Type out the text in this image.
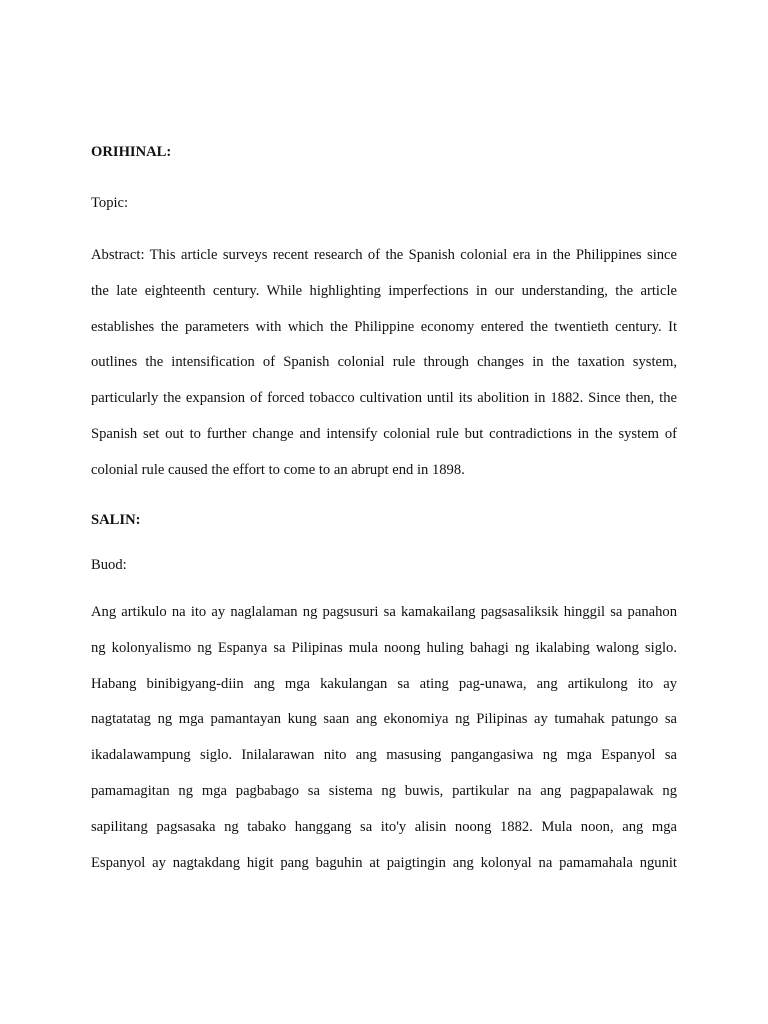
ORIHINAL:

Topic:

Abstract: This article surveys recent research of the Spanish colonial era in the Philippines since
the late eighteenth century. While highlighting imperfections in our understanding, the article
establishes the parameters with which the Philippine economy entered the twentieth century. It
outlines the intensification of Spanish colonial rule through changes in the taxation system,
particularly the expansion of forced tobacco cultivation until its abolition in 1882. Since then, the
Spanish set out to further change and intensify colonial rule but contradictions in the system of
colonial rule caused the effort to come to an abrupt end in 1898.

SALIN:

Buod:

Ang artikulo na ito ay naglalaman ng pagsusuri sa kamakailang pagsasaliksik hinggil sa panahon
ng kolonyalismo ng Espanya sa Pilipinas mula noong huling bahagi ng ikalabing walong siglo.
Habang binibigyang-diin ang mga kakulangan sa ating pag-unawa, ang artikulong ito ay
nagtatatag ng mga pamantayan kung saan ang ekonomiya ng Pilipinas ay tumahak patungo sa
ikadalawampung siglo. Inilalarawan nito ang masusing pangangasiwa ng mga Espanyol sa
pamamagitan ng mga pagbabago sa sistema ng buwis, partikular na ang pagpapalawak ng
sapilitang pagsasaka ng tabako hanggang sa ito'y alisin noong 1882. Mula noon, ang mga
Espanyol ay nagtakdang higit pang baguhin at paigtingin ang kolonyal na pamamahala ngunit
